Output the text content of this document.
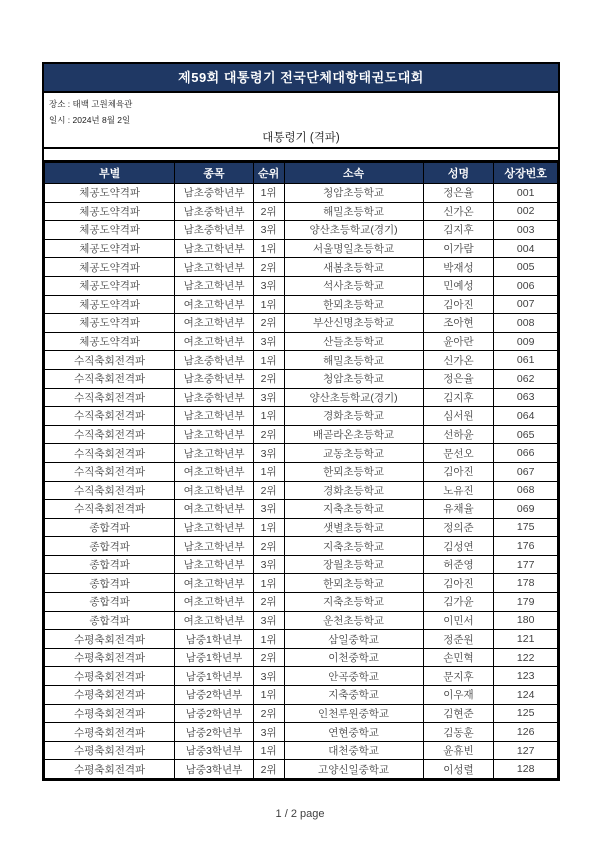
제59회 대통령기 전국단체대항태권도대회
장소 : 태백 고원체육관
일시 : 2024년 8월 2일
대통령기 (격파)
부별	종목	순위	소속	성명	상장번호
체공도약격파	남초중학년부	1위	청암초등학교	정은율	001
체공도약격파	남초중학년부	2위	해밀초등학교	신가온	002
체공도약격파	남초중학년부	3위	양산초등학교(경기)	김지후	003
체공도약격파	남초고학년부	1위	서울명일초등학교	이가람	004
체공도약격파	남초고학년부	2위	새봄초등학교	박재성	005
체공도약격파	남초고학년부	3위	석사초등학교	민예성	006
체공도약격파	여초고학년부	1위	한뫼초등학교	김아진	007
체공도약격파	여초고학년부	2위	부산신명초등학교	조아현	008
체공도약격파	여초고학년부	3위	산들초등학교	윤아란	009
수직축회전격파	남초중학년부	1위	해밀초등학교	신가온	061
수직축회전격파	남초중학년부	2위	청암초등학교	정은율	062
수직축회전격파	남초중학년부	3위	양산초등학교(경기)	김지후	063
수직축회전격파	남초고학년부	1위	경화초등학교	심서원	064
수직축회전격파	남초고학년부	2위	배곧라온초등학교	선하윤	065
수직축회전격파	남초고학년부	3위	교동초등학교	문선오	066
수직축회전격파	여초고학년부	1위	한뫼초등학교	김아진	067
수직축회전격파	여초고학년부	2위	경화초등학교	노유진	068
수직축회전격파	여초고학년부	3위	지축초등학교	유채율	069
종합격파	남초고학년부	1위	샛별초등학교	정의준	175
종합격파	남초고학년부	2위	지축초등학교	김성연	176
종합격파	남초고학년부	3위	장월초등학교	허준영	177
종합격파	여초고학년부	1위	한뫼초등학교	김아진	178
종합격파	여초고학년부	2위	지축초등학교	김가윤	179
종합격파	여초고학년부	3위	운천초등학교	이민서	180
수평축회전격파	남중1학년부	1위	삼일중학교	정준원	121
수평축회전격파	남중1학년부	2위	이천중학교	손민혁	122
수평축회전격파	남중1학년부	3위	안곡중학교	문지후	123
수평축회전격파	남중2학년부	1위	지축중학교	이우재	124
수평축회전격파	남중2학년부	2위	인천루원중학교	김현준	125
수평축회전격파	남중2학년부	3위	연현중학교	김동훈	126
수평축회전격파	남중3학년부	1위	대천중학교	윤휴빈	127
수평축회전격파	남중3학년부	2위	고양신일중학교	이성렬	128
1 / 2 page
